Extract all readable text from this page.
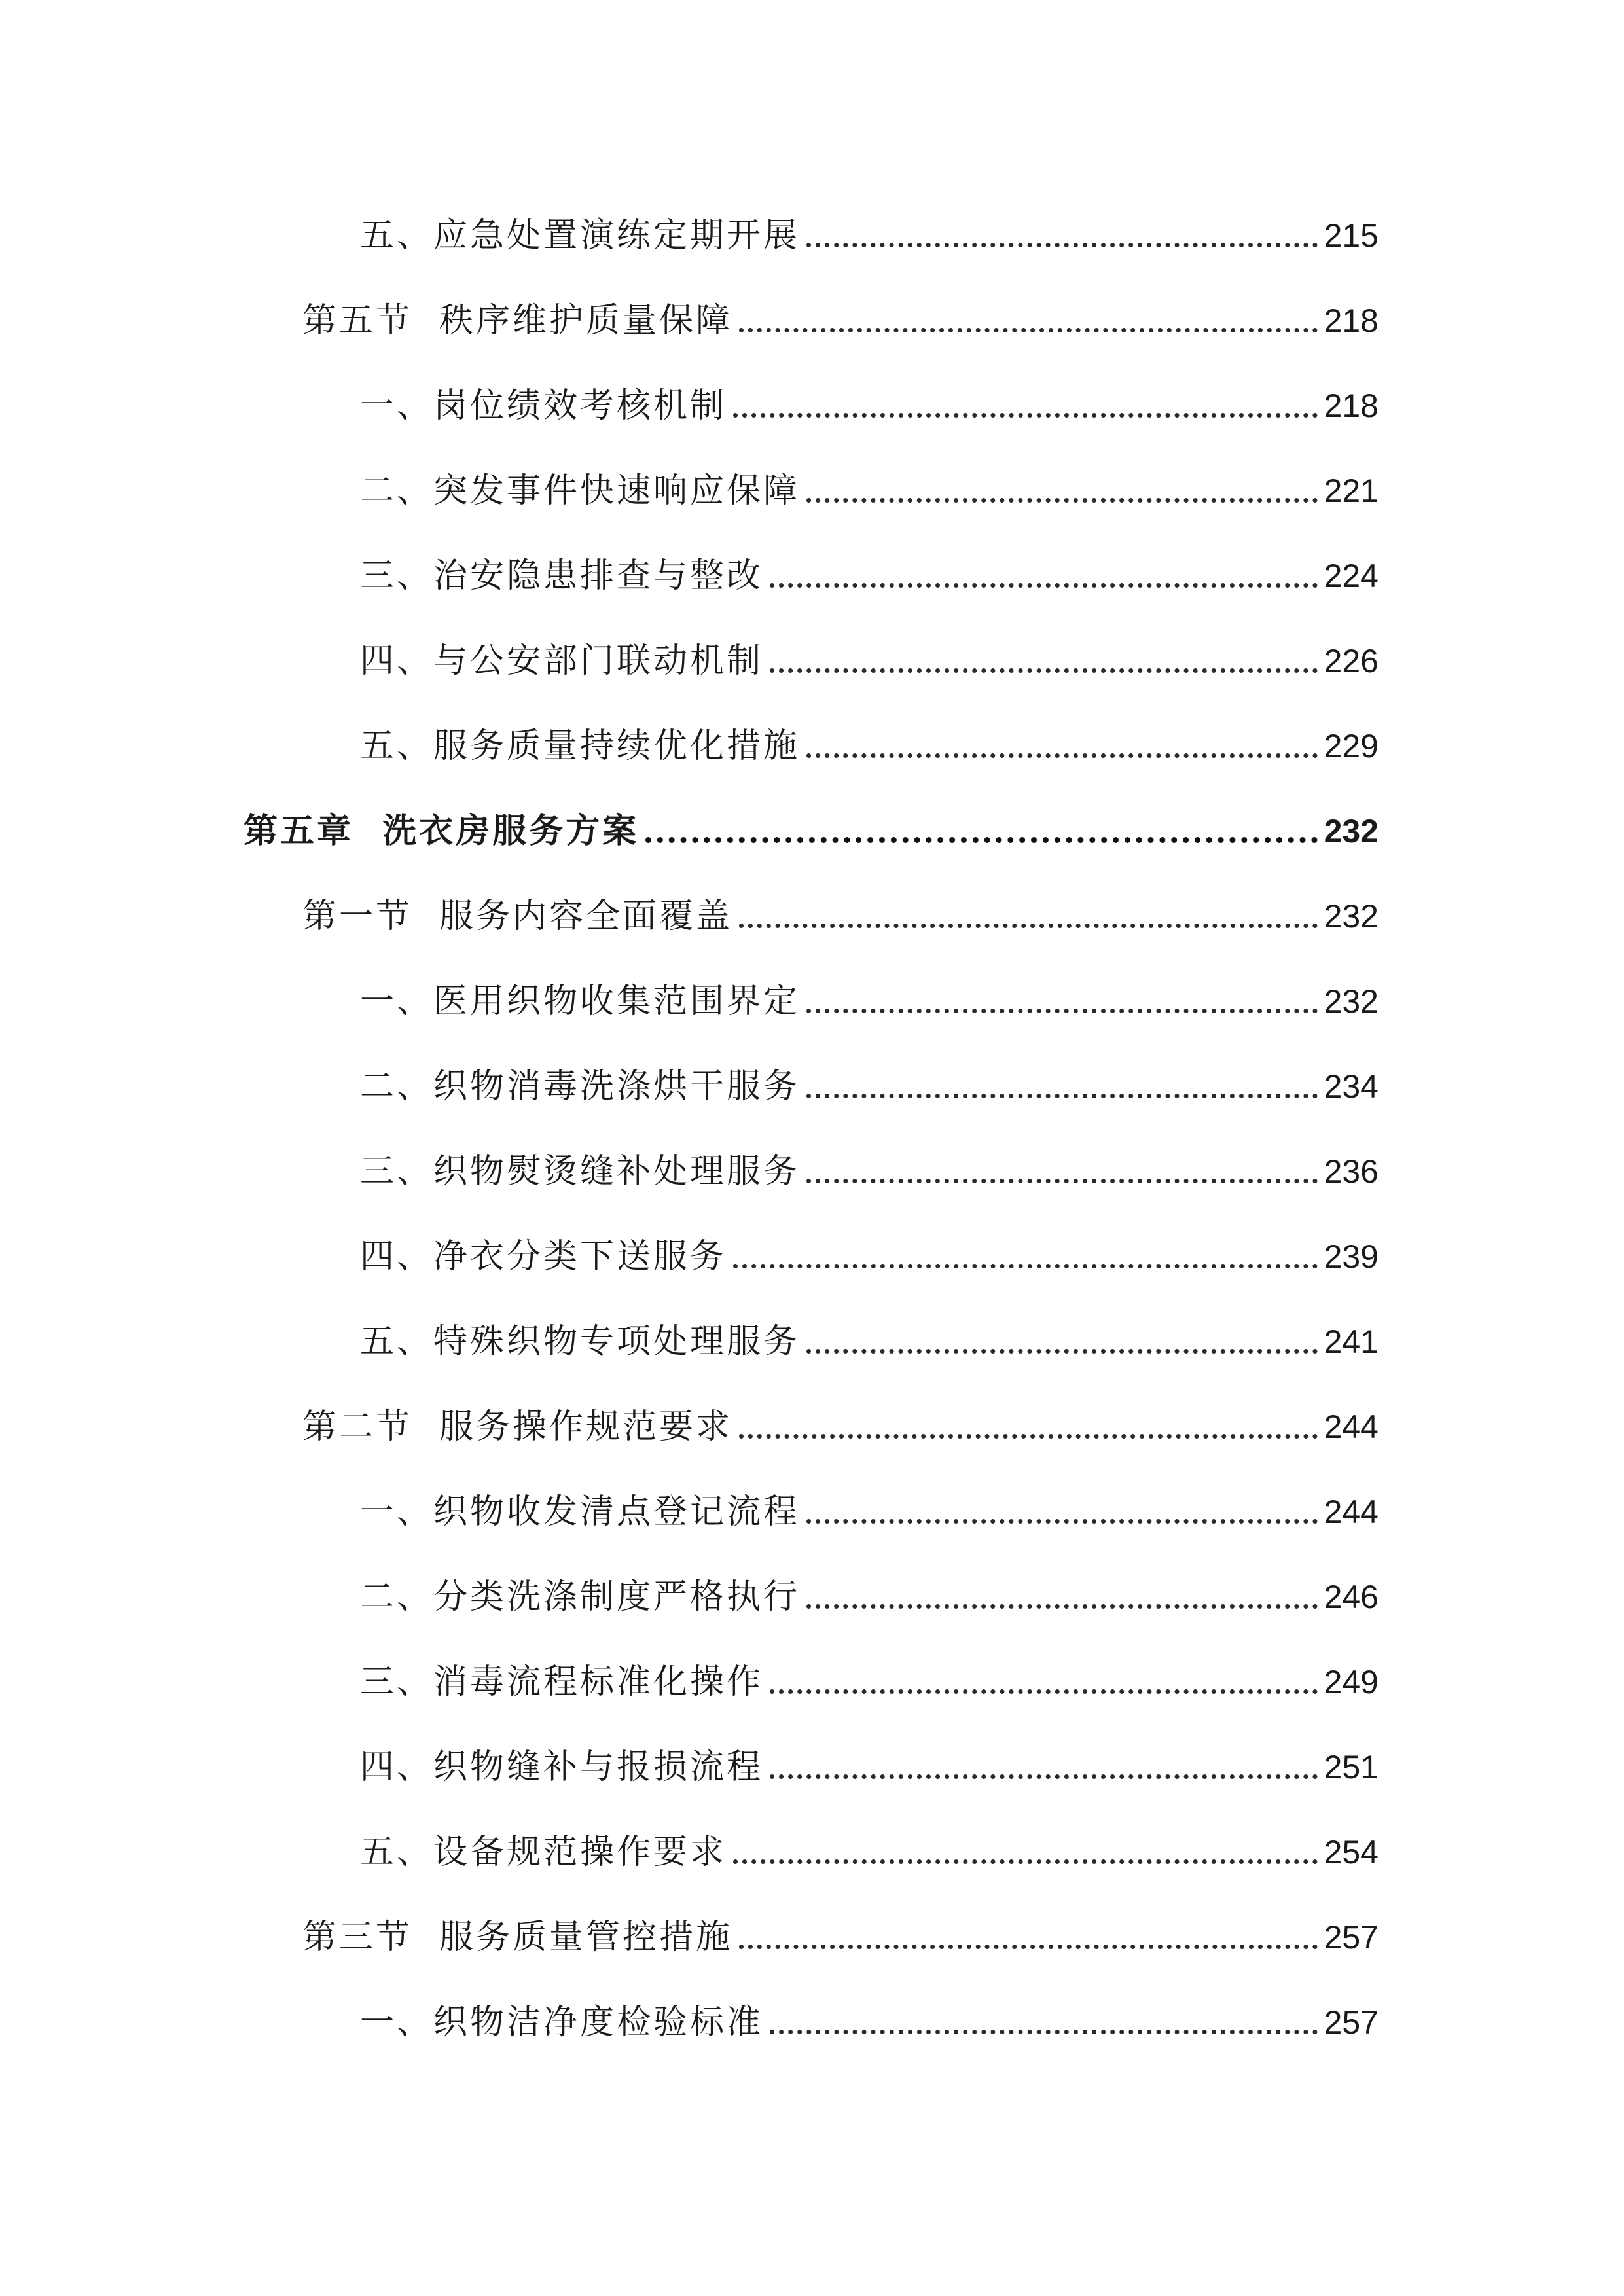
五、应急处置演练定期开展	215
第五节  秩序维护质量保障	218
一、岗位绩效考核机制	218
二、突发事件快速响应保障	221
三、治安隐患排查与整改	224
四、与公安部门联动机制	226
五、服务质量持续优化措施	229
第五章  洗衣房服务方案	232
第一节  服务内容全面覆盖	232
一、医用织物收集范围界定	232
二、织物消毒洗涤烘干服务	234
三、织物熨烫缝补处理服务	236
四、净衣分类下送服务	239
五、特殊织物专项处理服务	241
第二节  服务操作规范要求	244
一、织物收发清点登记流程	244
二、分类洗涤制度严格执行	246
三、消毒流程标准化操作	249
四、织物缝补与报损流程	251
五、设备规范操作要求	254
第三节  服务质量管控措施	257
一、织物洁净度检验标准	257
